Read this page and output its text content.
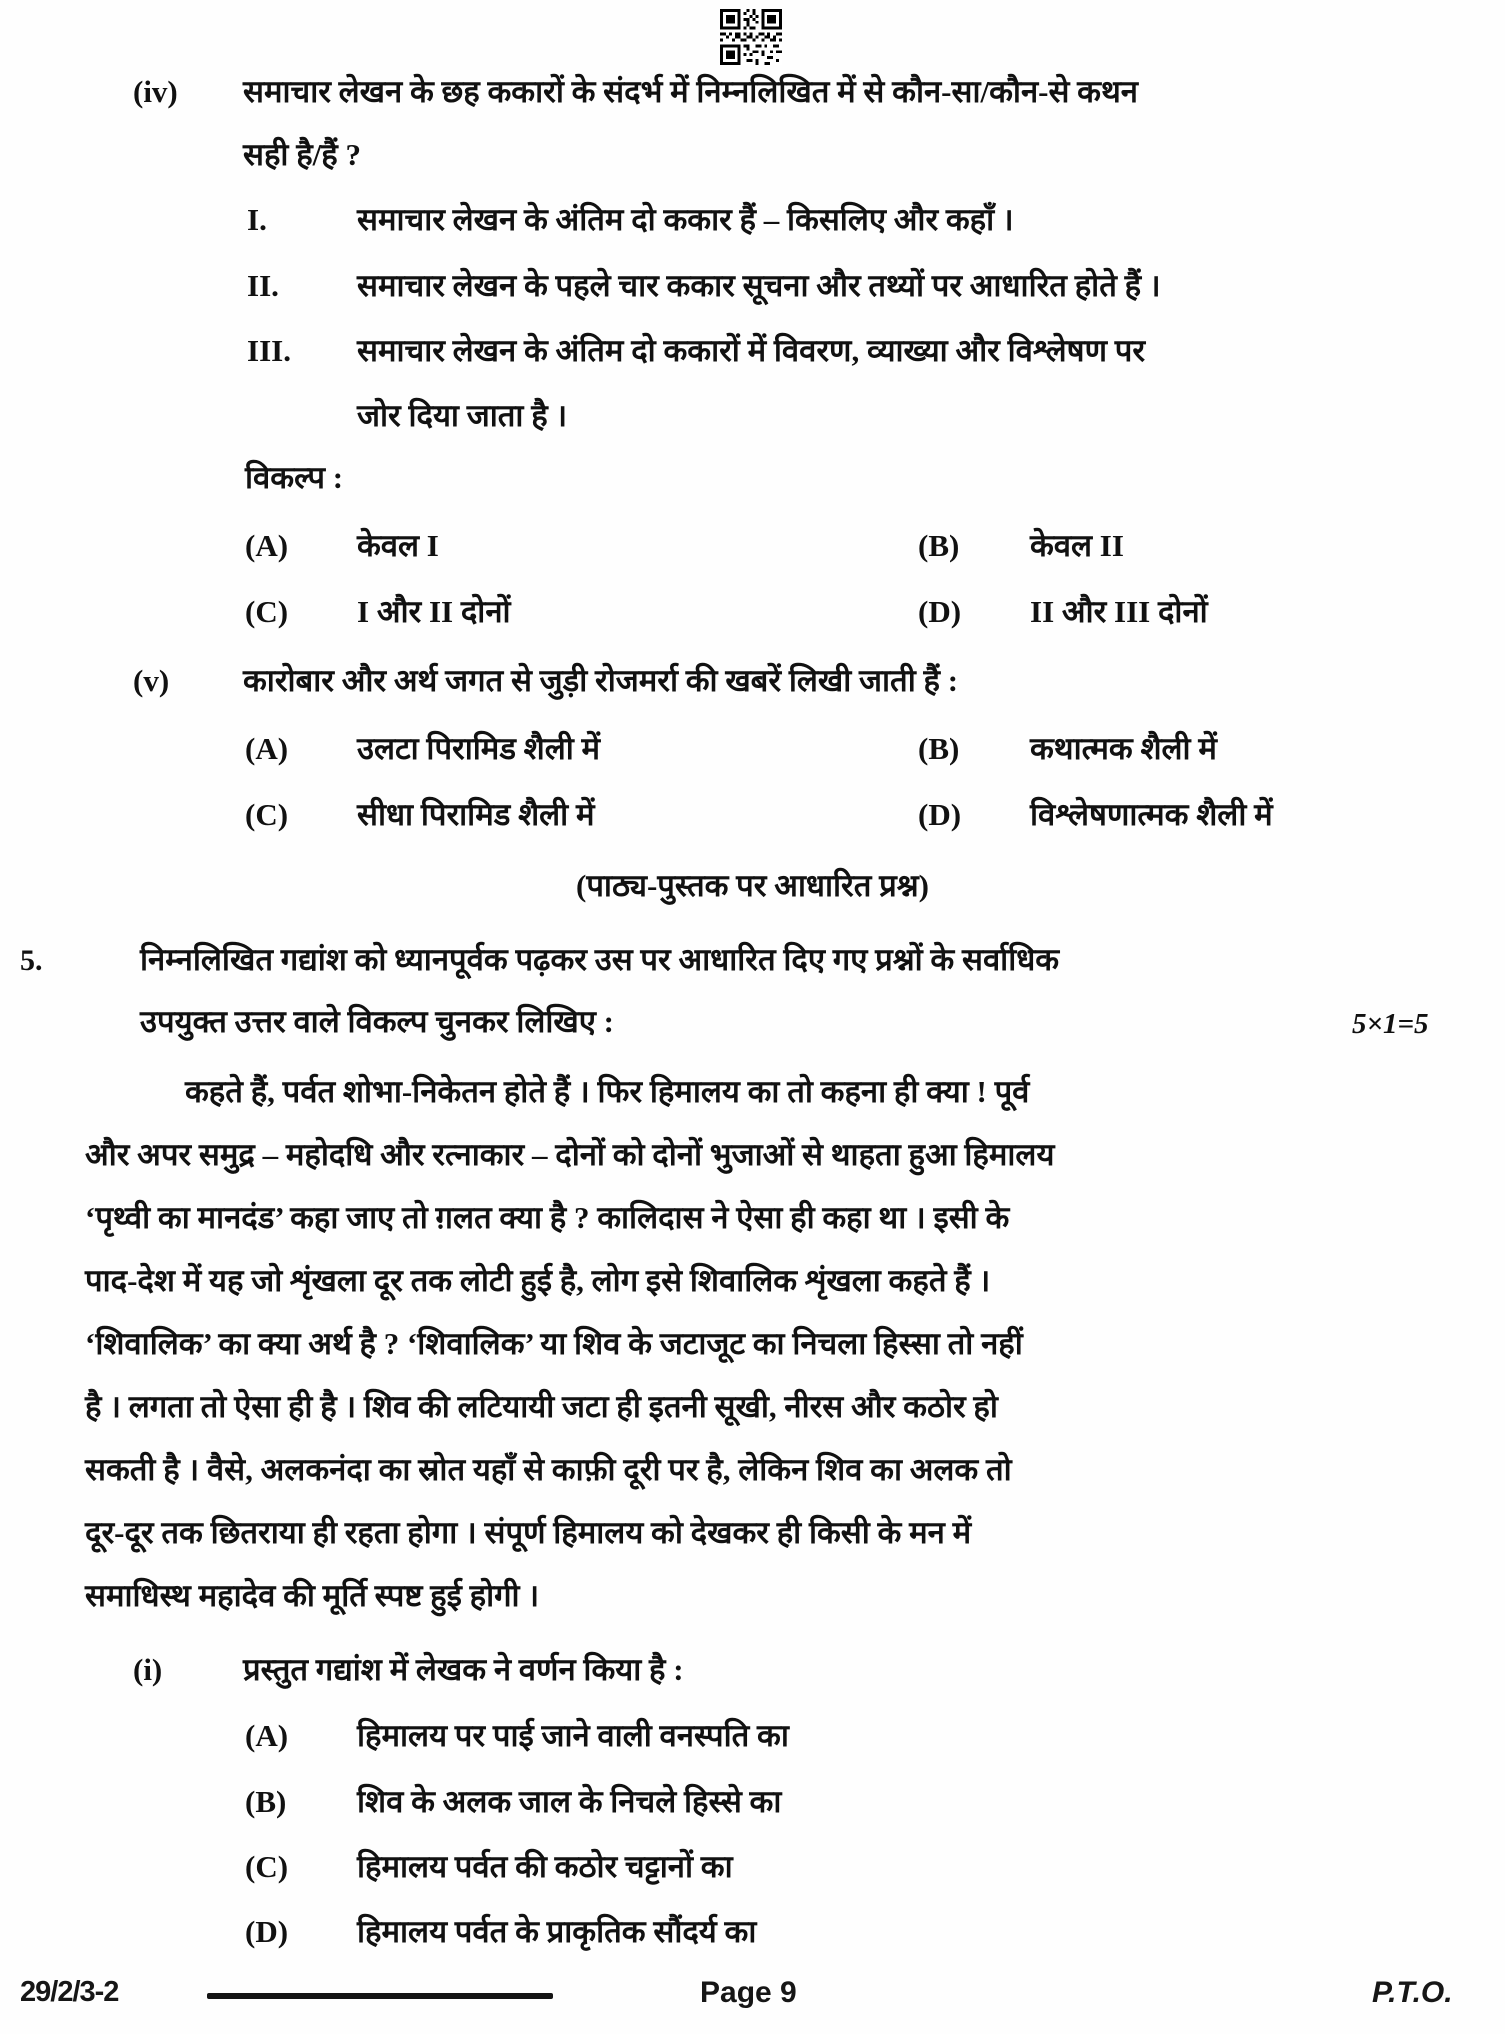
(iv) समाचार लेखन के छह ककारों के संदर्भ में निम्नलिखित में से कौन-सा/कौन-से कथन
सही है/हैं ?
I.	समाचार लेखन के अंतिम दो ककार हैं – किसलिए और कहाँ ।
II.	समाचार लेखन के पहले चार ककार सूचना और तथ्यों पर आधारित होते हैं ।
III. समाचार लेखन के अंतिम दो ककारों में विवरण, व्याख्या और विश्लेषण पर
जोर दिया जाता है ।
विकल्प :
(A) केवल I	(B) केवल II
(C) I और II दोनों	(D) II और III दोनों
(v) कारोबार और अर्थ जगत से जुड़ी रोजमर्रा की खबरें लिखी जाती हैं :
(A) उलटा पिरामिड शैली में	(B) कथात्मक शैली में
(C) सीधा पिरामिड शैली में	(D) विश्लेषणात्मक शैली में
(पाठ्य-पुस्तक पर आधारित प्रश्न)
5.	निम्नलिखित गद्यांश को ध्यानपूर्वक पढ़कर उस पर आधारित दिए गए प्रश्नों के सर्वाधिक
उपयुक्त उत्तर वाले विकल्प चुनकर लिखिए :	5×1=5
कहते हैं, पर्वत शोभा-निकेतन होते हैं । फिर हिमालय का तो कहना ही क्या ! पूर्व
और अपर समुद्र – महोदधि और रत्नाकार – दोनों को दोनों भुजाओं से थाहता हुआ हिमालय
‘पृथ्वी का मानदंड’ कहा जाए तो ग़लत क्या है ? कालिदास ने ऐसा ही कहा था । इसी के
पाद-देश में यह जो शृंखला दूर तक लोटी हुई है, लोग इसे शिवालिक शृंखला कहते हैं ।
‘शिवालिक’ का क्या अर्थ है ? ‘शिवालिक’ या शिव के जटाजूट का निचला हिस्सा तो नहीं
है । लगता तो ऐसा ही है । शिव की लटियायी जटा ही इतनी सूखी, नीरस और कठोर हो
सकती है । वैसे, अलकनंदा का स्रोत यहाँ से काफ़ी दूरी पर है, लेकिन शिव का अलक तो
दूर-दूर तक छितराया ही रहता होगा । संपूर्ण हिमालय को देखकर ही किसी के मन में
समाधिस्थ महादेव की मूर्ति स्पष्ट हुई होगी ।
(i)	प्रस्तुत गद्यांश में लेखक ने वर्णन किया है :
(A) हिमालय पर पाई जाने वाली वनस्पति का
(B) शिव के अलक जाल के निचले हिस्से का
(C) हिमालय पर्वत की कठोर चट्टानों का
(D) हिमालय पर्वत के प्राकृतिक सौंदर्य का
29/2/3-2	Page 9	P.T.O.
